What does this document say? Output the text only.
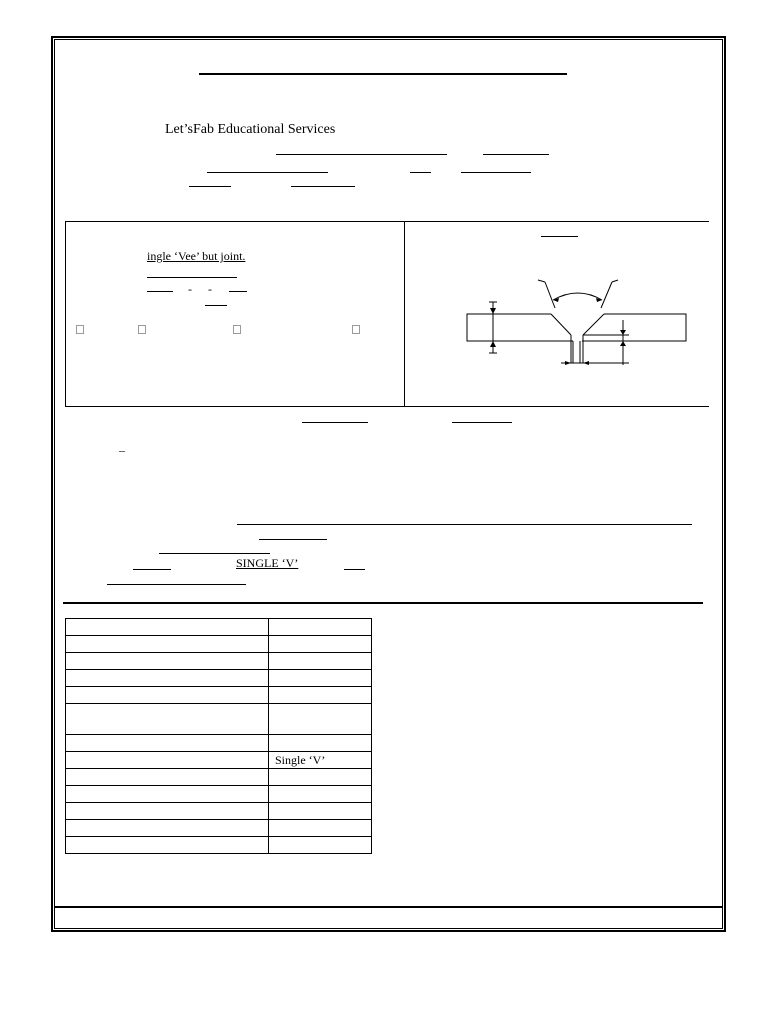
Let’sFab Educational Services
ingle ‘Vee’ but joint.
- -
–
SINGLE ‘V’

	Single ‘V’
